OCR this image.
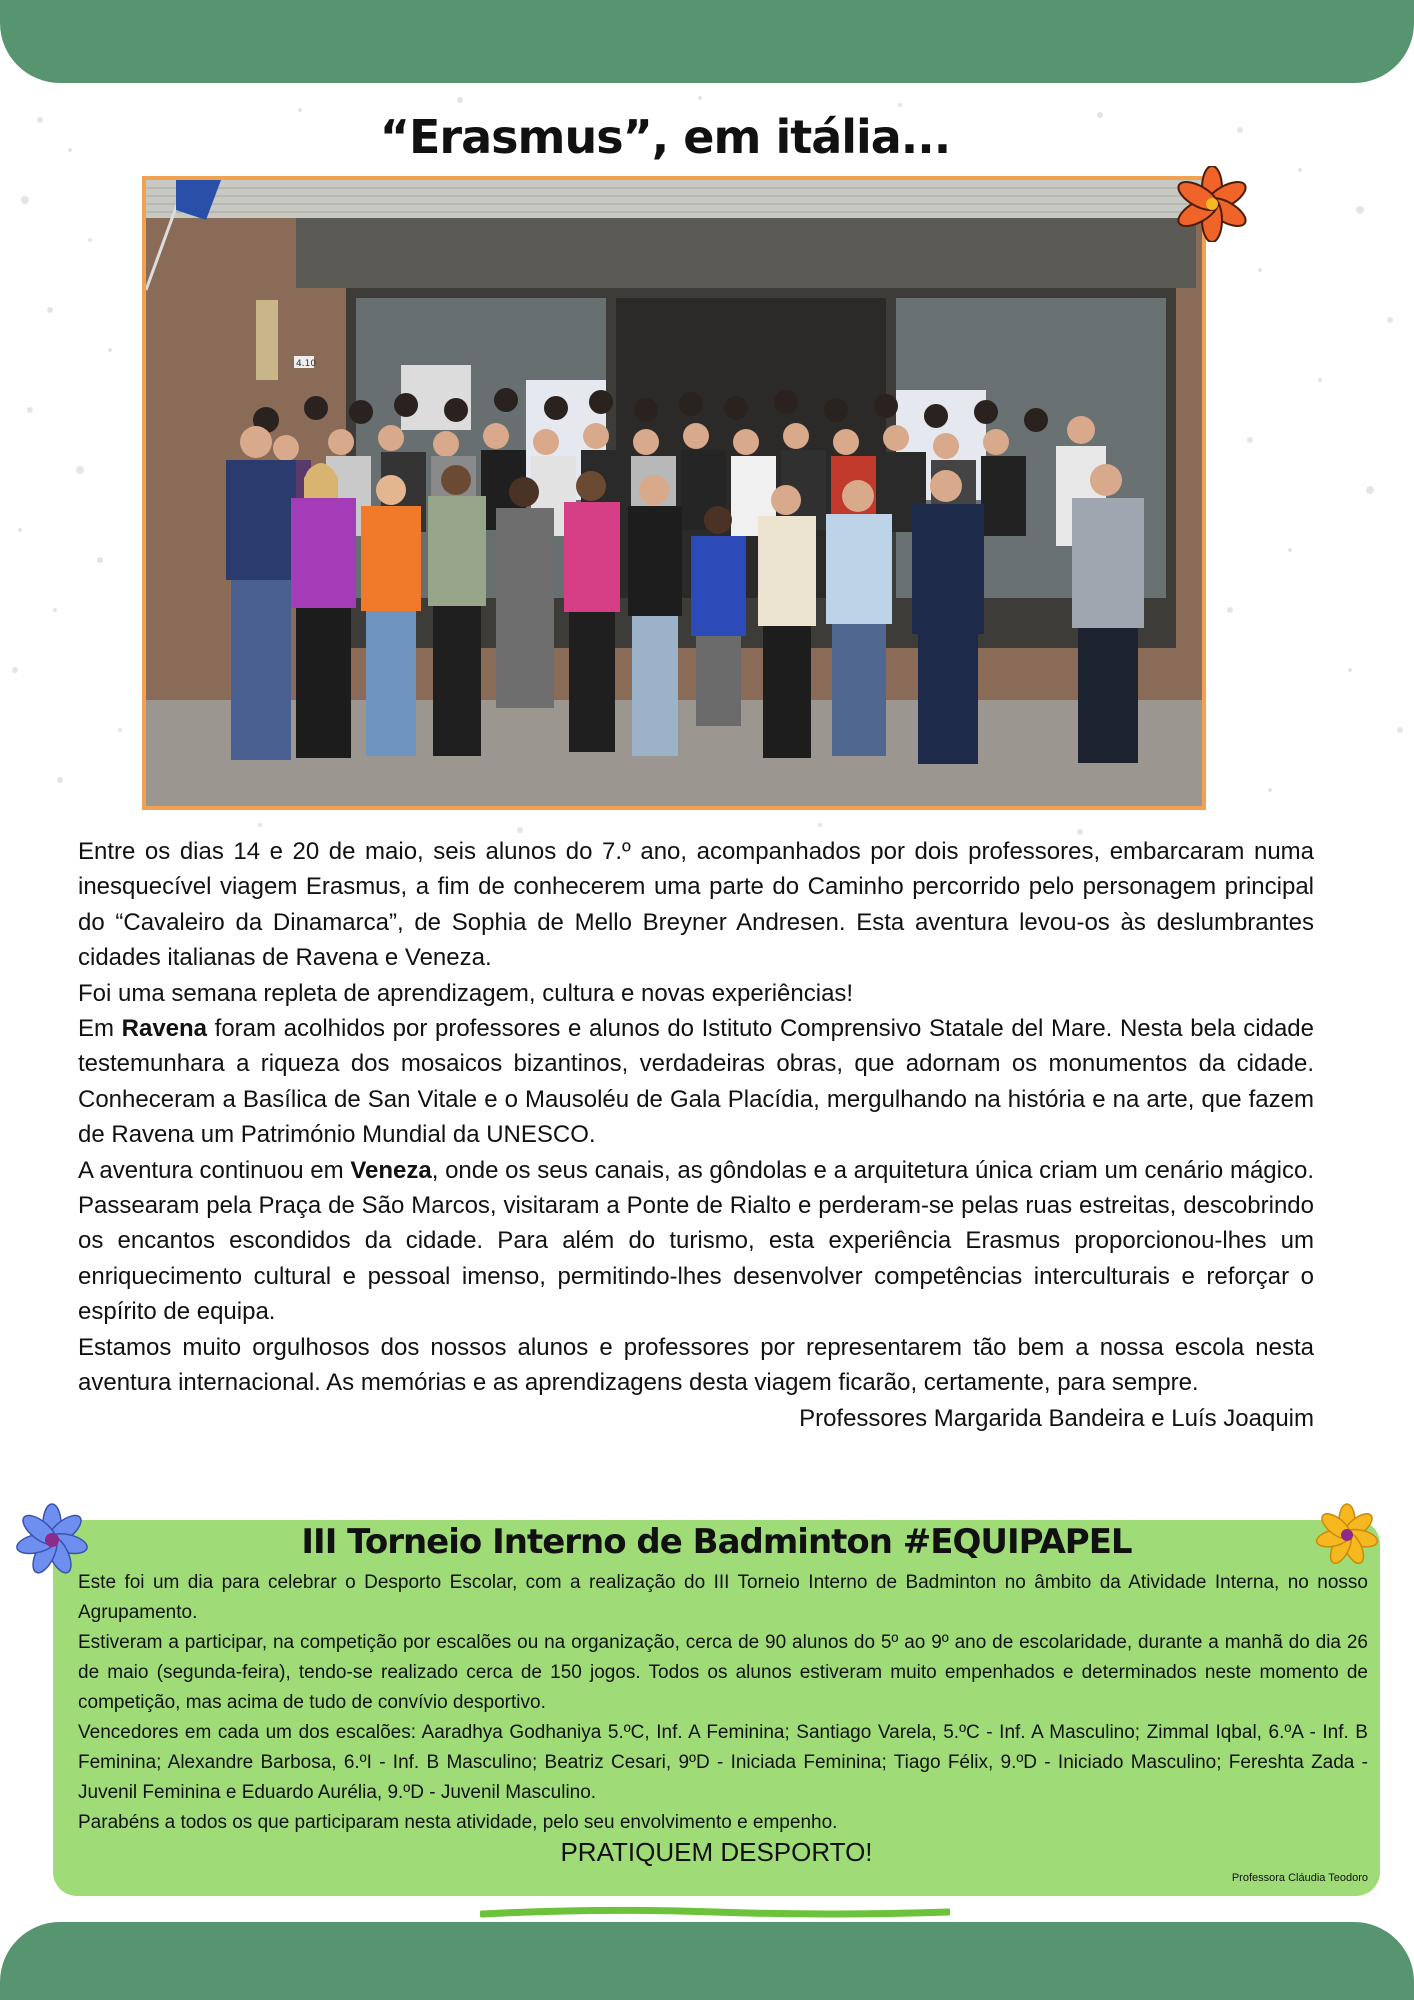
“Erasmus”, em itália...
4.10

Entre os dias 14 e 20 de maio, seis alunos do 7.º ano, acompanhados por dois professores, embarcaram numa inesquecível viagem Erasmus, a fim de conhecerem uma parte do Caminho percorrido pelo personagem principal do “Cavaleiro da Dinamarca”, de Sophia de Mello Breyner Andresen. Esta aventura levou-os às deslumbrantes cidades italianas de Ravena e Veneza.

Foi uma semana repleta de aprendizagem, cultura e novas experiências!

Em Ravena foram acolhidos por professores e alunos do Istituto Comprensivo Statale del Mare. Nesta bela cidade testemunhara a riqueza dos mosaicos bizantinos, verdadeiras obras, que adornam os monumentos da cidade. Conheceram a Basílica de San Vitale e o Mausoléu de Gala Placídia, mergulhando na história e na arte, que fazem de Ravena um Património Mundial da UNESCO.

A aventura continuou em Veneza, onde os seus canais, as gôndolas e a arquitetura única criam um cenário mágico. Passearam pela Praça de São Marcos, visitaram a Ponte de Rialto e perderam-se pelas ruas estreitas, descobrindo os encantos escondidos da cidade. Para além do turismo, esta experiência Erasmus proporcionou-lhes um enriquecimento cultural e pessoal imenso, permitindo-lhes desenvolver competências interculturais e reforçar o espírito de equipa.

Estamos muito orgulhosos dos nossos alunos e professores por representarem tão bem a nossa escola nesta aventura internacional. As memórias e as aprendizagens desta viagem ficarão, certamente, para sempre.

Professores Margarida Bandeira e Luís Joaquim

III Torneio Interno de Badminton #EQUIPAPEL

Este foi um dia para celebrar o Desporto Escolar, com a realização do III Torneio Interno de Badminton no âmbito da Atividade Interna, no nosso Agrupamento.

Estiveram a participar, na competição por escalões ou na organização, cerca de 90 alunos do 5º ao 9º ano de escolaridade, durante a manhã do dia 26 de maio (segunda-feira), tendo-se realizado cerca de 150 jogos. Todos os alunos estiveram muito empenhados e determinados neste momento de competição, mas acima de tudo de convívio desportivo.

Vencedores em cada um dos escalões: Aaradhya Godhaniya 5.ºC, Inf. A Feminina; Santiago Varela, 5.ºC - Inf. A Masculino; Zimmal Iqbal, 6.ºA - Inf. B Feminina; Alexandre Barbosa, 6.ºI - Inf. B Masculino; Beatriz Cesari, 9ºD - Iniciada Feminina; Tiago Félix, 9.ºD - Iniciado Masculino; Fereshta Zada - Juvenil Feminina e Eduardo Aurélia, 9.ºD - Juvenil Masculino.

Parabéns a todos os que participaram nesta atividade, pelo seu envolvimento e empenho.

PRATIQUEM DESPORTO!
Professora Cláudia Teodoro
